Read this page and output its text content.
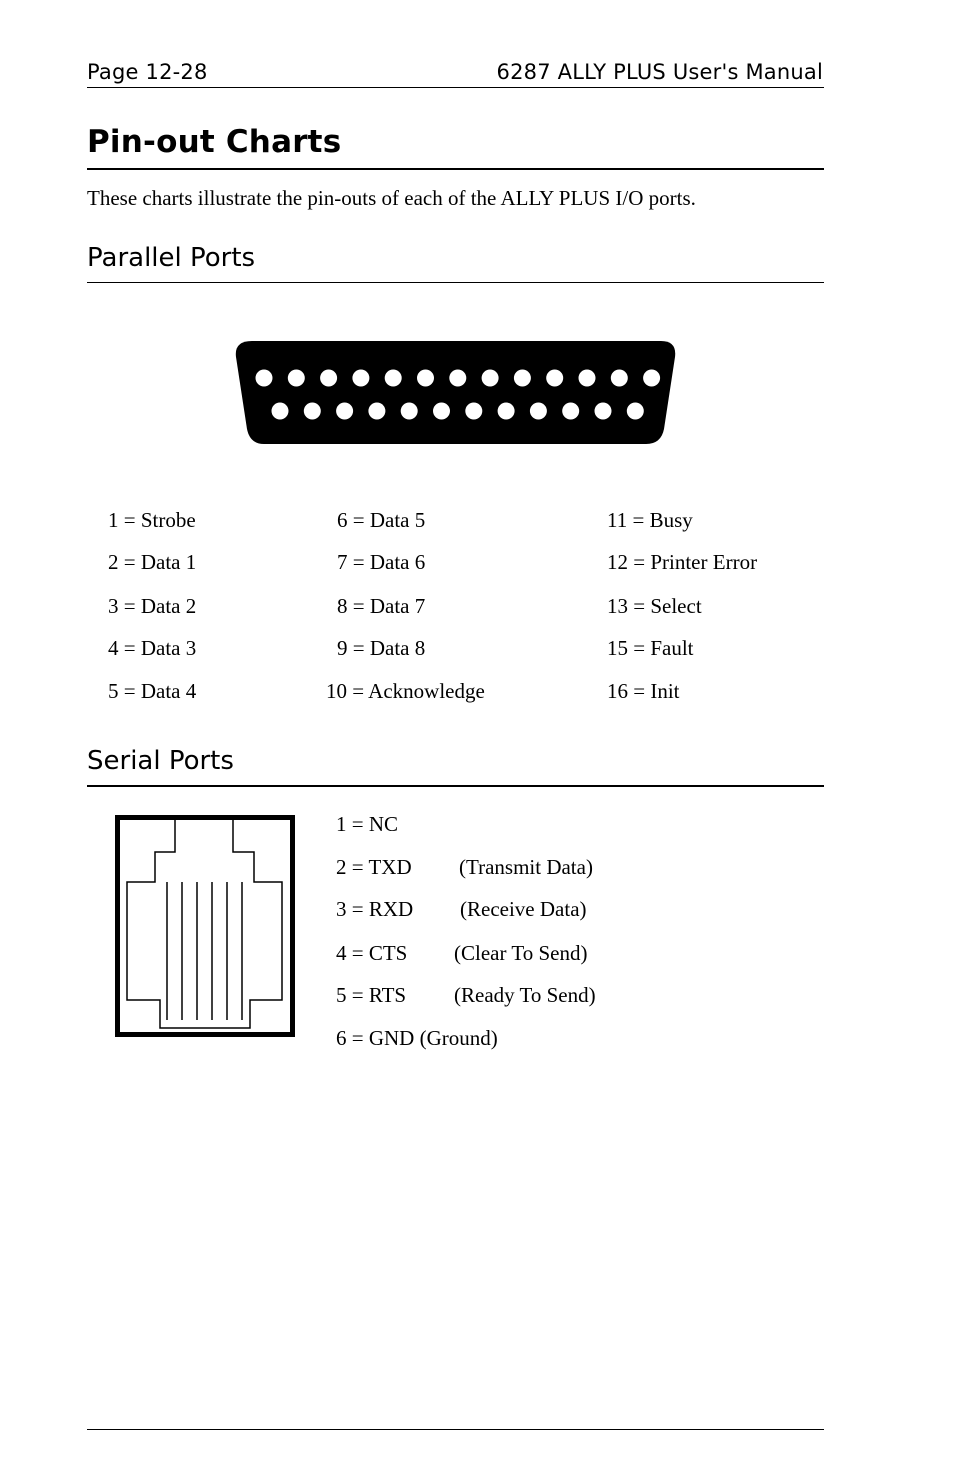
Page 12-28	6287 ALLY PLUS User's Manual
Pin-out Charts
These charts illustrate the pin-outs of each of the ALLY PLUS I/O ports.
Parallel Ports
1 = Strobe
2 = Data 1
3 = Data 2
4 = Data 3
5 = Data 4
6 = Data 5
7 = Data 6
8 = Data 7
9 = Data 8
10 = Acknowledge
11 = Busy
12 = Printer Error
13 = Select
15 = Fault
16 = Init
Serial Ports
1 = NC
2 = TXD (Transmit Data)
3 = RXD (Receive Data)
4 = CTS (Clear To Send)
5 = RTS (Ready To Send)
6 = GND (Ground)
